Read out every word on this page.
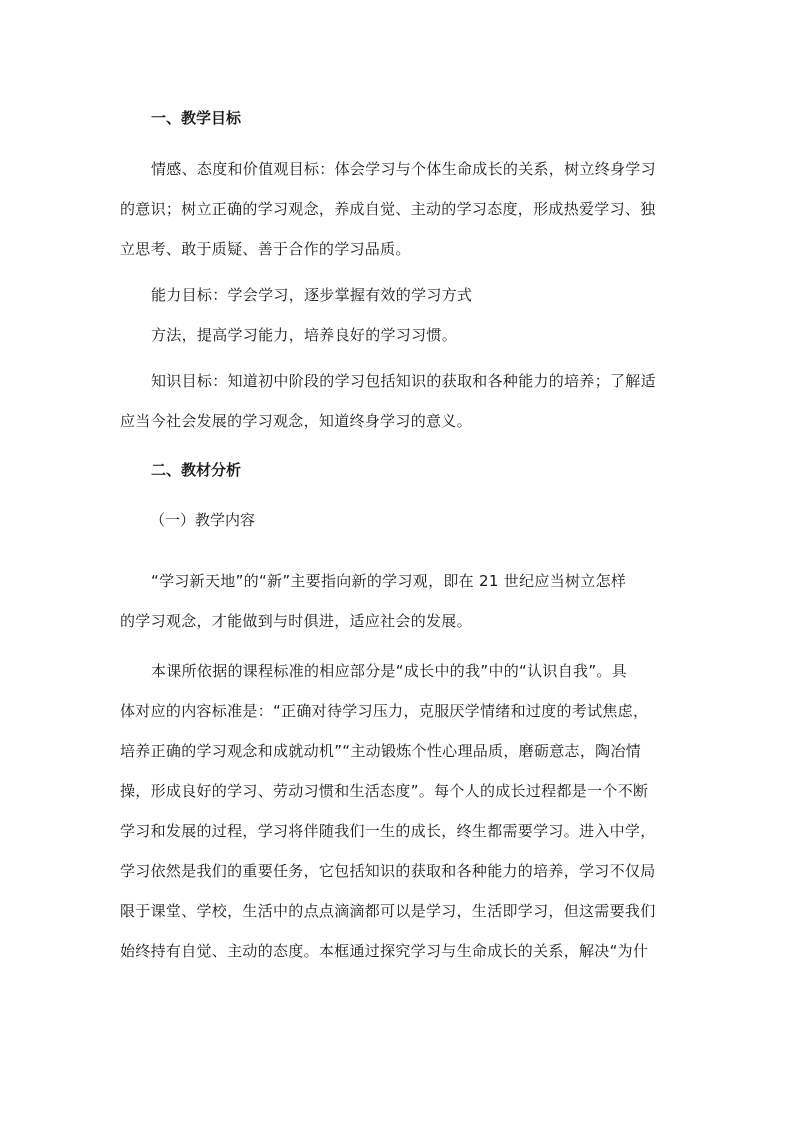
一、教学目标

情感、态度和价值观目标：体会学习与个体生命成长的关系，树立终身学习
的意识；树立正确的学习观念，养成自觉、主动的学习态度，形成热爱学习、独
立思考、敢于质疑、善于合作的学习品质。

能力目标：学会学习，逐步掌握有效的学习方式

方法，提高学习能力，培养良好的学习习惯。

知识目标：知道初中阶段的学习包括知识的获取和各种能力的培养；了解适
应当今社会发展的学习观念，知道终身学习的意义。

二、教材分析
（一）教学内容

“学习新天地”的“新”主要指向新的学习观，即在 21 世纪应当树立怎样
的学习观念，才能做到与时俱进，适应社会的发展。

本课所依据的课程标准的相应部分是“成长中的我”中的“认识自我”。具
体对应的内容标准是：“正确对待学习压力，克服厌学情绪和过度的考试焦虑，
培养正确的学习观念和成就动机”“主动锻炼个性心理品质，磨砺意志，陶冶情
操，形成良好的学习、劳动习惯和生活态度”。每个人的成长过程都是一个不断
学习和发展的过程，学习将伴随我们一生的成长，终生都需要学习。进入中学，
学习依然是我们的重要任务，它包括知识的获取和各种能力的培养，学习不仅局
限于课堂、学校，生活中的点点滴滴都可以是学习，生活即学习，但这需要我们
始终持有自觉、主动的态度。本框通过探究学习与生命成长的关系，解决“为什
